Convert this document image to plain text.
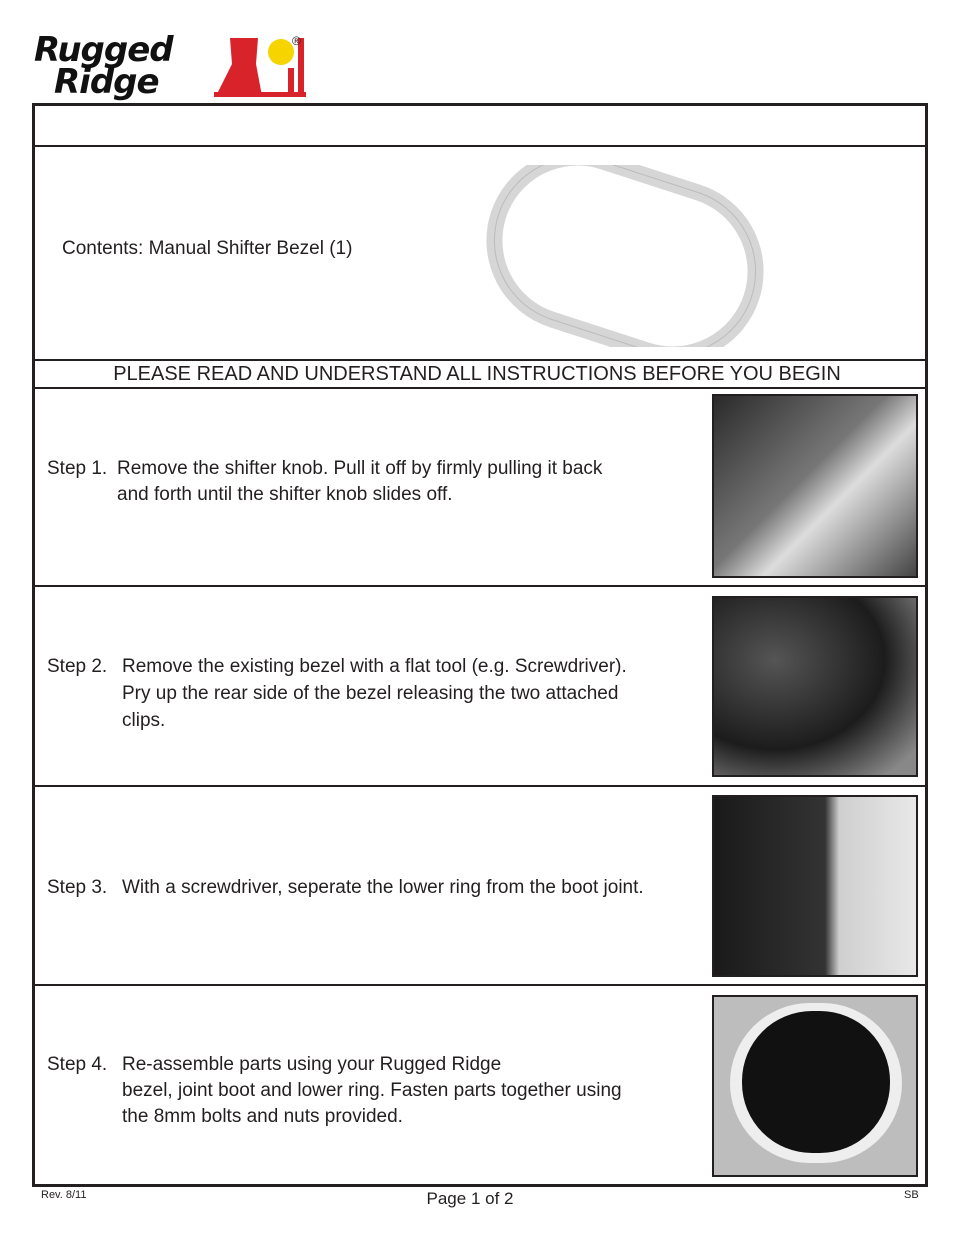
Rugged
Ridge
®
Contents: Manual Shifter Bezel (1)
PLEASE READ AND UNDERSTAND ALL INSTRUCTIONS BEFORE YOU BEGIN
Step 1. Remove the shifter knob. Pull it off by firmly pulling it back
and forth until the shifter knob slides off.
Step 2. Remove the existing bezel with a flat tool (e.g. Screwdriver).
Pry up the rear side of the bezel releasing the two attached
clips.
Step 3. With a screwdriver, seperate the lower ring from the boot joint.
Step 4. Re-assemble parts using your Rugged Ridge
bezel, joint boot and lower ring. Fasten parts together using
the 8mm bolts and nuts provided.
Rev. 8/11	Page 1 of 2	SB
